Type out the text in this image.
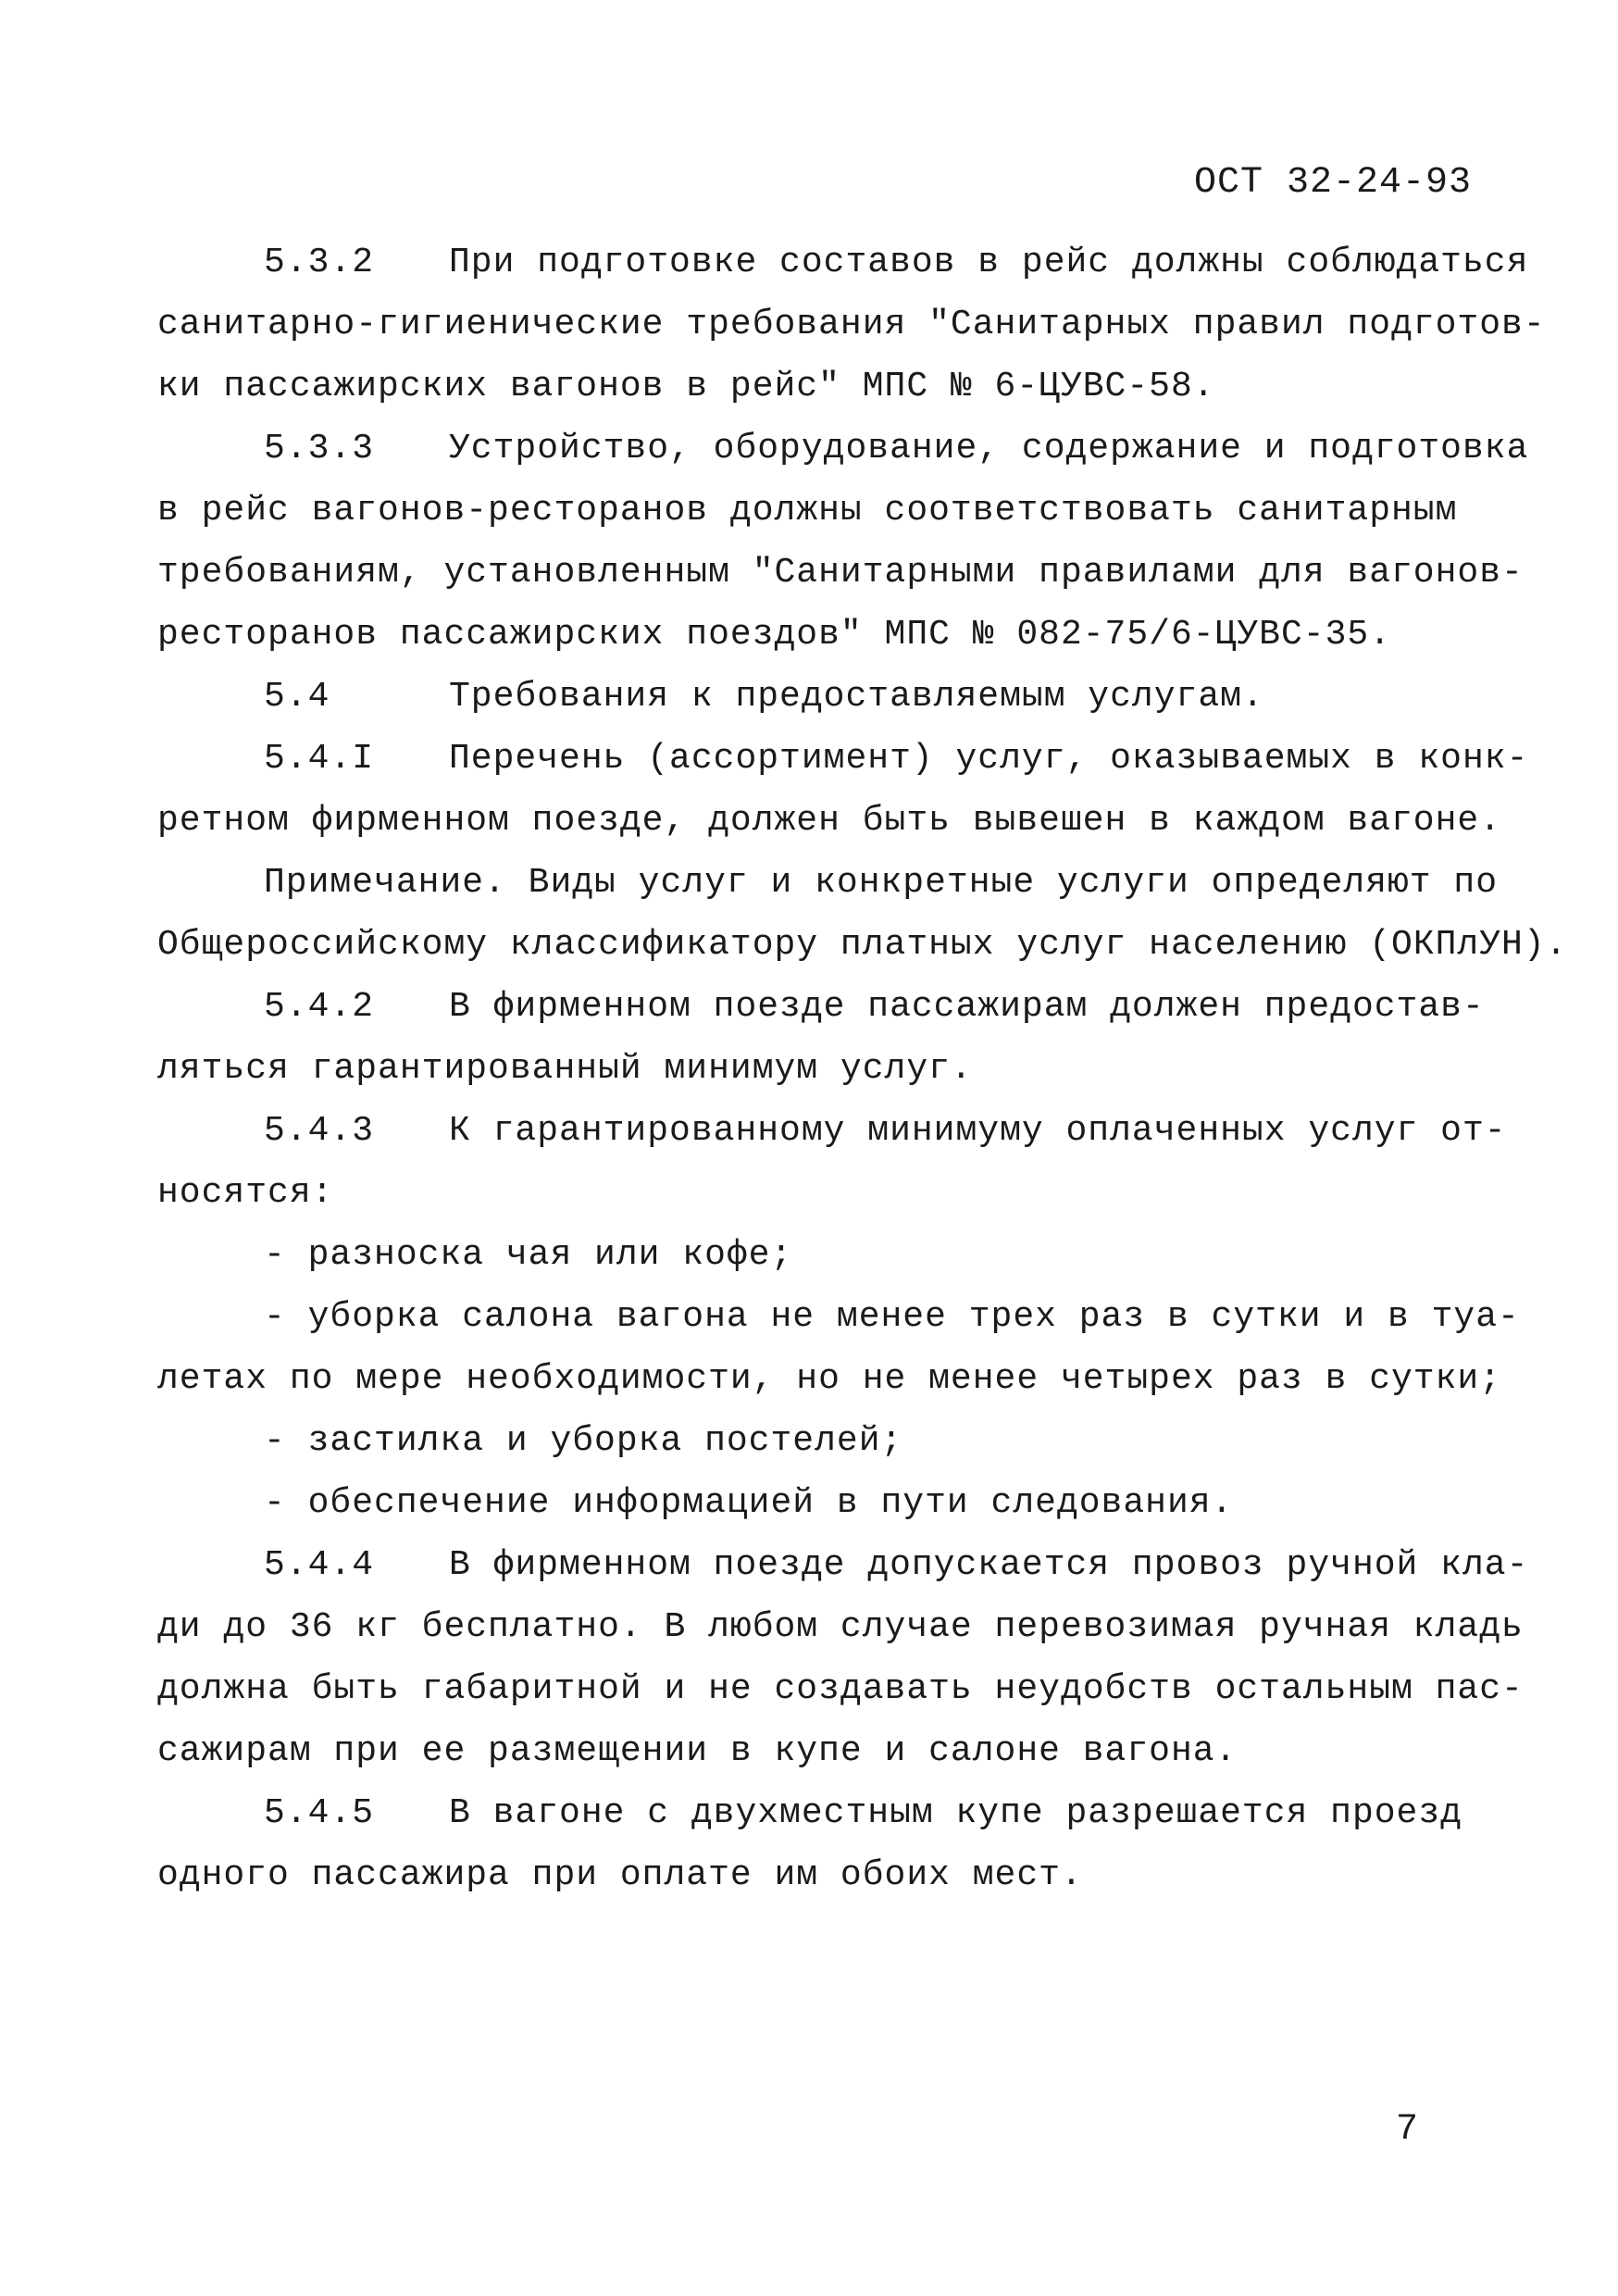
ОСТ 32-24-93
5.3.2 При подготовке составов в рейс должны соблюдаться
санитарно-гигиенические требования "Санитарных правил подготов-
ки пассажирских вагонов в рейс" МПС № 6-ЦУВС-58.
5.3.3 Устройство, оборудование, содержание и подготовка
в рейс вагонов-ресторанов должны соответствовать санитарным
требованиям, установленным "Санитарными правилами для вагонов-
ресторанов пассажирских поездов" МПС № 082-75/6-ЦУВС-35.
5.4	Требования к предоставляемым услугам.
5.4.I Перечень (ассортимент) услуг, оказываемых в конк-
ретном фирменном поезде, должен быть вывешен в каждом вагоне.
Примечание. Виды услуг и конкретные услуги определяют по
Общероссийскому классификатору платных услуг населению (ОКПлУН).
5.4.2 В фирменном поезде пассажирам должен предостав-
ляться гарантированный минимум услуг.
5.4.3 К гарантированному минимуму оплаченных услуг от-
носятся:
- разноска чая или кофе;
- уборка салона вагона не менее трех раз в сутки и в туа-
летах по мере необходимости, но не менее четырех раз в сутки;
- застилка и уборка постелей;
- обеспечение информацией в пути следования.
5.4.4 В фирменном поезде допускается провоз ручной кла-
ди до 36 кг бесплатно. В любом случае перевозимая ручная кладь
должна быть габаритной и не создавать неудобств остальным пас-
сажирам при ее размещении в купе и салоне вагона.
5.4.5 В вагоне с двухместным купе разрешается проезд
одного пассажира при оплате им обоих мест.
7
